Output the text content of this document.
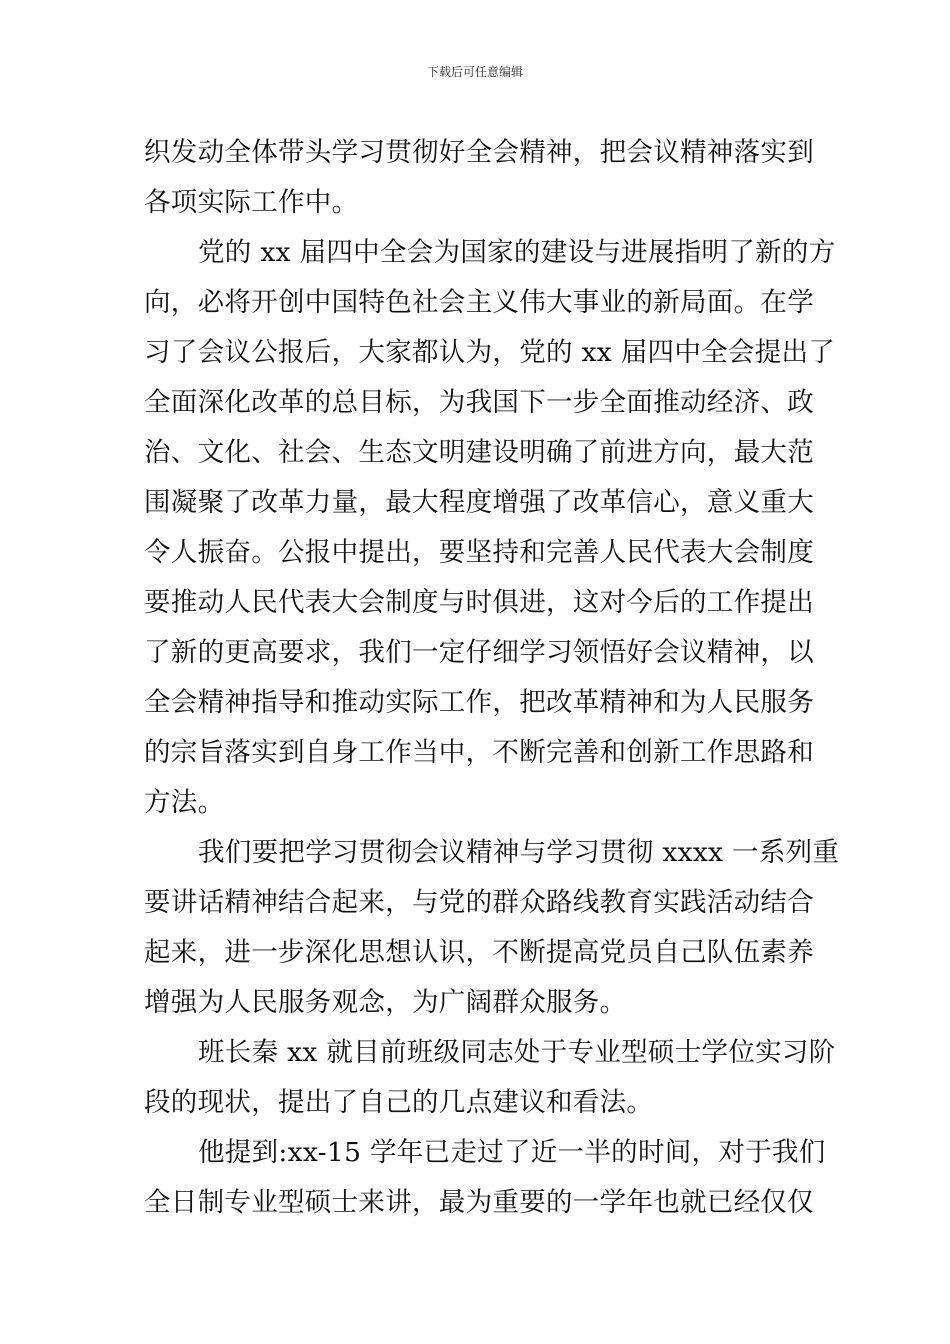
下载后可任意编辑
织发动全体带头学习贯彻好全会精神，把会议精神落实到
各项实际工作中。
党的 xx 届四中全会为国家的建设与进展指明了新的方
向，必将开创中国特色社会主义伟大事业的新局面。在学
习了会议公报后，大家都认为，党的 xx 届四中全会提出了
全面深化改革的总目标，为我国下一步全面推动经济、政
治、文化、社会、生态文明建设明确了前进方向，最大范
围凝聚了改革力量，最大程度增强了改革信心，意义重大
令人振奋。公报中提出，要坚持和完善人民代表大会制度
要推动人民代表大会制度与时俱进，这对今后的工作提出
了新的更高要求，我们一定仔细学习领悟好会议精神，以
全会精神指导和推动实际工作，把改革精神和为人民服务
的宗旨落实到自身工作当中，不断完善和创新工作思路和
方法。
我们要把学习贯彻会议精神与学习贯彻 xxxx 一系列重
要讲话精神结合起来，与党的群众路线教育实践活动结合
起来，进一步深化思想认识，不断提高党员自己队伍素养
增强为人民服务观念，为广阔群众服务。
班长秦 xx 就目前班级同志处于专业型硕士学位实习阶
段的现状，提出了自己的几点建议和看法。
他提到:xx-15 学年已走过了近一半的时间，对于我们
全日制专业型硕士来讲，最为重要的一学年也就已经仅仅
